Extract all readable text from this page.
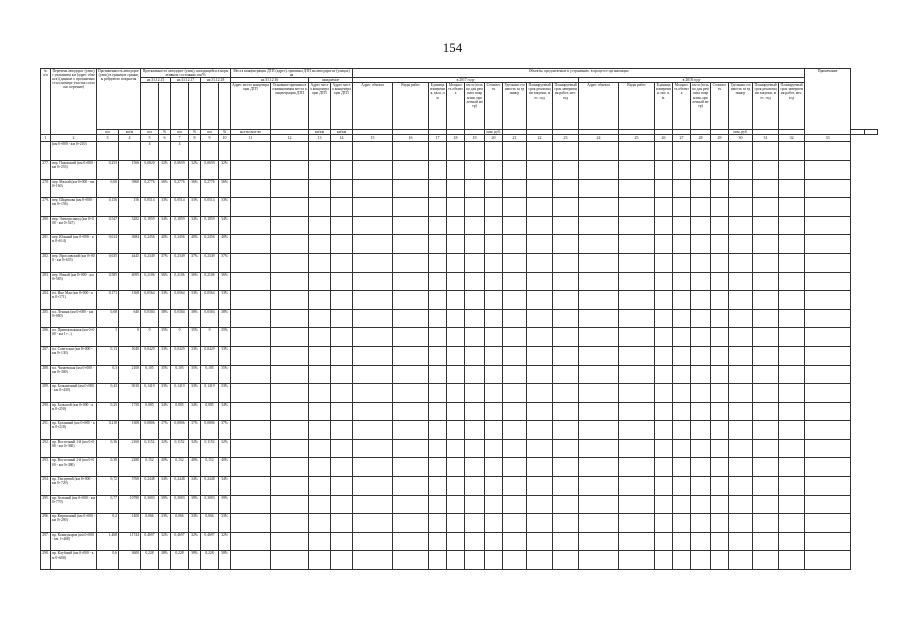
154
№ п/п	Перечень автодорог (улиц) с указанием км (адрес объекта) (данные о протяженности и номере участка согласно перечню)	Протяженность автодорог (улиц) в границах границы рейдового покрытия		Протяженность автодорог (улиц), находящейся в нормативном состоянии, км/%						Места концентрации ДТП (адрес), причины ДТП на автодорогах (улицах) на				Объекты, предлагаемые к устранению, в процессе организации																		Примечание		
				на 31.12.15		на 31.12.17		на 31.12.18		на 31.12.16		ожидаемое		в 2017 году									в 2018 году											
										Адрес места концентрации ДТП	Основные причины возникновения места концентрации ДТП	Адрес места концентрации ДТП	Адрес места концентрации ДТП	Адрес объекта	Виды работ	Единица измерения, кв.м, пм	Мощность объекта	км м (только для ремонта покрытия, пролетный метр)	Стоимость	Удельная стоимость за единицу	Планируемый срок реализации закупки, мес. год	Планируемый срок завершения работ, мес. год	Адрес объекта	Виды работ	Единица измерения, пог. п.м.	Мощность объекта	км м (только для ремонта покрытия, пролетный метр)	Стоимость	Удельная стоимость за единицу	Планируемый срок реализации закупки, мес. год	Планируемый срок завершения работ, мес. год			
		км	км/м	км	%	км	%	км	%	кол-во/кол-во		км/км	км/км						млн. руб.										млн. руб.					
1	2	3	4	5	6	7	8	9	10	11	12	13	14	15	16	17	18	19	20	21	22	23	24	25	26	27	28	29	30	31	32	33		
	(км 0+000 - км 0+210)			4		4																												
277.	пер. Паковский (км 0+000 - км 0+253)	0,253	1566	0,0820	32%	0,0659	32%	0,0659	32%																									
278.	пер. Малый (км 0+000 - км 0+160)	0,60	3960	0,2776	36%	0,2776	36%	0,2776	36%																									
279.	пер. Шкрекова (км 0+000 - км 0+156)	0,156	156	0,0514	33%	0,0514	33%	0,0514	33%																									
280.	пер. Электрозавод (км 0+000 - км 0+547)	0,547	3282	0,1859	34%	0,1859	34%	0,1859	34%																									
281.	пер. Южный (км 0+000 - км 0+614)	0,614	3684	0,2456	40%	0,2456	40%	0,2456	40%																									
282.	пер. Ярославский (км 0+000 - км 0+635)	0,635	4445	0,2349	37%	0,2349	37%	0,2349	37%																									
283.	пер. Ясный (км 0+000 - км 0+585)	0,585	4095	0,2106	36%	0,2106	36%	0,2106	36%																									
284.	пл. Ино Мая (км 0+000 - км 0+171)	0,171	1368	0,0564	33%	0,0564	33%	0,0564	33%																									
285.	пл. Ленина (км 0+000 - км 0+080)	0,08	640	0,0304	38%	0,0304	38%	0,0304	38%																									
286.	пл. Привокзальная (км 0+000 - км 1+...)	1	0	0	35%	0	35%	0	35%																									
287.	пл. Советская (км 0+000 - км 0+130)	0,13	1040	0,0429	33%	0,0429	33%	0,0429	33%																									
288.	пл. Чапаевская (км 0+000 - км 0+300)	0,3	2100	0,105	35%	0,105	35%	0,105	35%																									
289.	пр. Больничный (км 0+000 - км 0+430)	0,43	3010	0,1419	33%	0,1419	33%	0,1419	33%																									
290.	пр. Большой (км 0+000 - км 0+250)	0,25	1750	0,085	34%	0,085	34%	0,085	34%																									
291.	пр. Буланный (км 0+000 - км 0+218)	0,218	1308	0,0806	37%	0,0806	37%	0,0806	37%																									
292.	пр. Восточный 1-й (км 0+000 - км 0+360)	0,36	2160	0,1152	32%	0,1152	32%	0,1152	32%																									
293.	пр. Восточный 2-й (км 0+000 - км 0+380)	0,38	2280	0,152	40%	0,152	40%	0,152	40%																									
294.	пр. Гвоздевой (км 0+000 - км 0+720)	0,72	5760	0,2448	34%	0,2448	34%	0,2448	34%																									
295.	пр. Зеленый (км 0+000 - км 0+770)	0,77	10780	0,3003	39%	0,3003	39%	0,3003	39%																									
296.	пр. Кирпичный (км 0+000 - км 0+200)	0,2	1400	0,066	33%	0,066	33%	0,066	33%																									
297.	пр. Коммунаров (км 0+000 - км 1+468)	1,468	11744	0,4697	32%	0,4697	32%	0,4697	32%																									
298.	пр. Клубный (км 0+000 - км 0+600)	0,6	3600	0,228	38%	0,228	38%	0,228	38%																									
